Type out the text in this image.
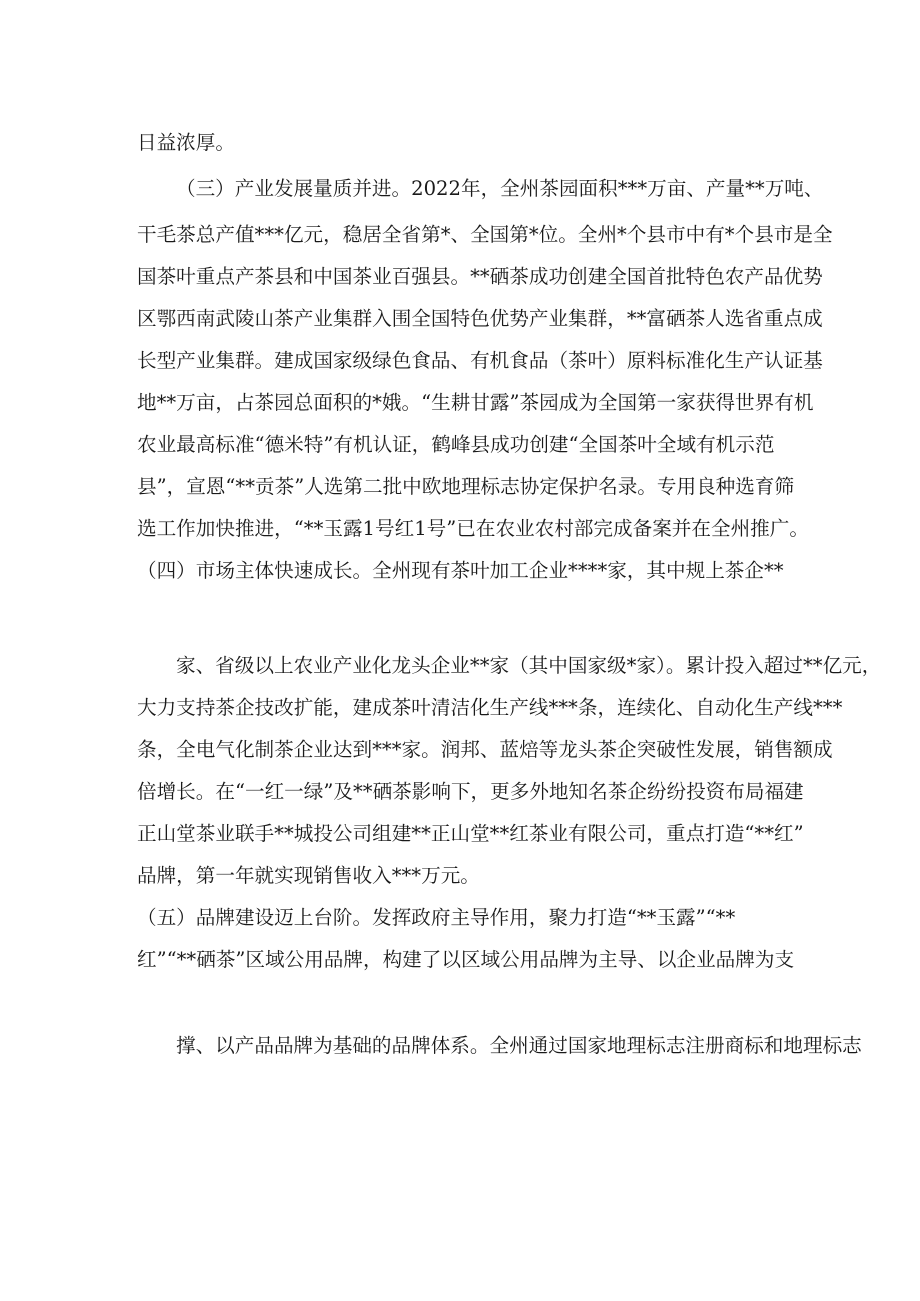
日益浓厚。
（三）产业发展量质并进。2022年，全州茶园面积***万亩、产量**万吨、
干毛茶总产值***亿元，稳居全省第*、全国第*位。全州*个县市中有*个县市是全
国茶叶重点产茶县和中国茶业百强县。**硒茶成功创建全国首批特色农产品优势
区鄂西南武陵山茶产业集群入围全国特色优势产业集群，**富硒茶人选省重点成
长型产业集群。建成国家级绿色食品、有机食品（茶叶）原料标准化生产认证基
地**万亩，占茶园总面积的*娥。“生耕甘露”茶园成为全国第一家获得世界有机
农业最高标准“德米特”有机认证，鹤峰县成功创建“全国茶叶全域有机示范
县”，宣恩“**贡茶”人选第二批中欧地理标志协定保护名录。专用良种选育筛
选工作加快推进，“**玉露1号红1号”已在农业农村部完成备案并在全州推广。
（四）市场主体快速成长。全州现有茶叶加工企业****家，其中规上茶企**
家、省级以上农业产业化龙头企业**家（其中国家级*家）。累计投入超过**亿元，
大力支持茶企技改扩能，建成茶叶清洁化生产线***条，连续化、自动化生产线***
条，全电气化制茶企业达到***家。润邦、蓝焙等龙头茶企突破性发展，销售额成
倍增长。在“一红一绿”及**硒茶影响下，更多外地知名茶企纷纷投资布局福建
正山堂茶业联手**城投公司组建**正山堂**红茶业有限公司，重点打造“**红”
品牌，第一年就实现销售收入***万元。
（五）品牌建设迈上台阶。发挥政府主导作用，聚力打造“**玉露”“**
红”“**硒茶”区域公用品牌，构建了以区域公用品牌为主导、以企业品牌为支
撑、以产品品牌为基础的品牌体系。全州通过国家地理标志注册商标和地理标志
